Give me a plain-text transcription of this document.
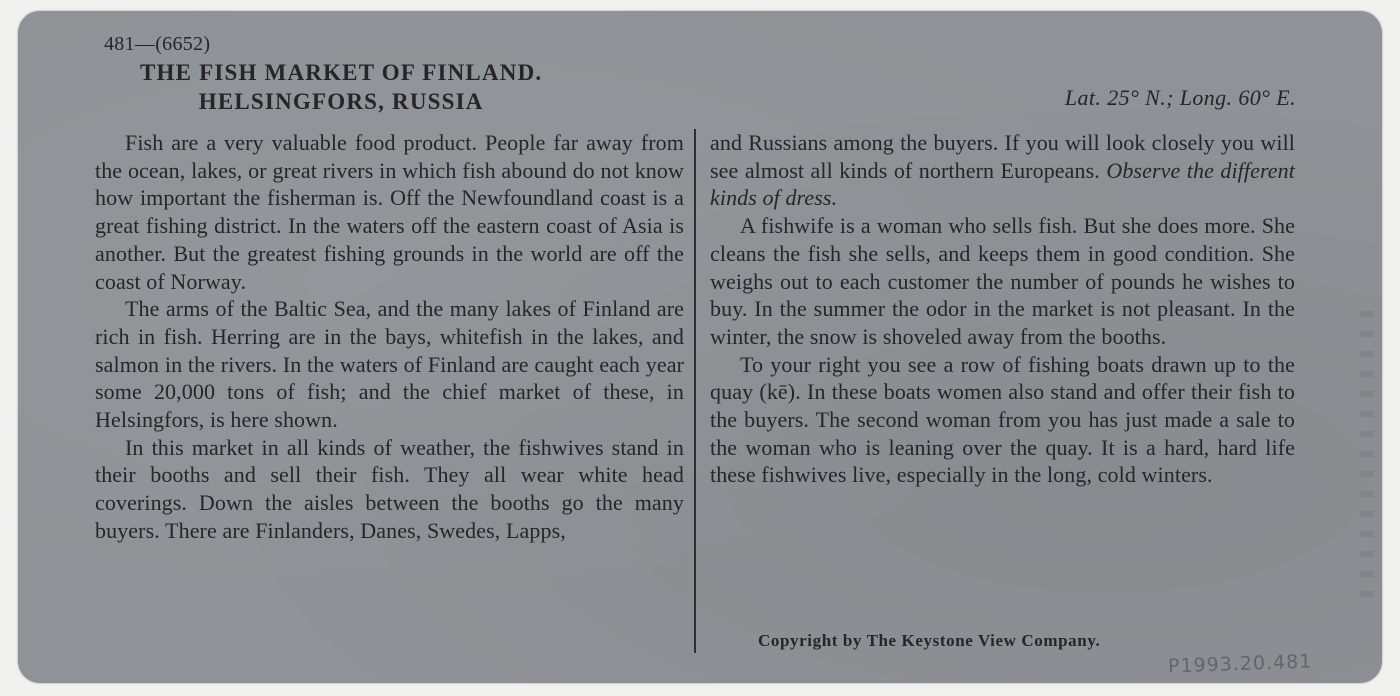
481—(6652)
THE FISH MARKET OF FINLAND.
HELSINGFORS, RUSSIA	Lat. 25° N.; Long. 60° E.

Fish are a very valuable food product. People far away from the ocean, lakes, or great rivers in which fish abound do not know how important the fisherman is. Off the Newfoundland coast is a great fishing district. In the waters off the eastern coast of Asia is another. But the greatest fishing grounds in the world are off the coast of Norway.

The arms of the Baltic Sea, and the many lakes of Finland are rich in fish. Herring are in the bays, whitefish in the lakes, and salmon in the rivers. In the waters of Finland are caught each year some 20,000 tons of fish; and the chief market of these, in Helsingfors, is here shown.

In this market in all kinds of weather, the fishwives stand in their booths and sell their fish. They all wear white head coverings. Down the aisles between the booths go the many buyers. There are Finlanders, Danes, Swedes, Lapps,

and Russians among the buyers. If you will look closely you will see almost all kinds of northern Europeans. Observe the different kinds of dress.

A fishwife is a woman who sells fish. But she does more. She cleans the fish she sells, and keeps them in good condition. She weighs out to each customer the number of pounds he wishes to buy. In the summer the odor in the market is not pleasant. In the winter, the snow is shoveled away from the booths.

To your right you see a row of fishing boats drawn up to the quay (kē). In these boats women also stand and offer their fish to the buyers. The second woman from you has just made a sale to the woman who is leaning over the quay. It is a hard, hard life these fishwives live, especially in the long, cold winters.

Copyright by The Keystone View Company.
P1993.20.481
